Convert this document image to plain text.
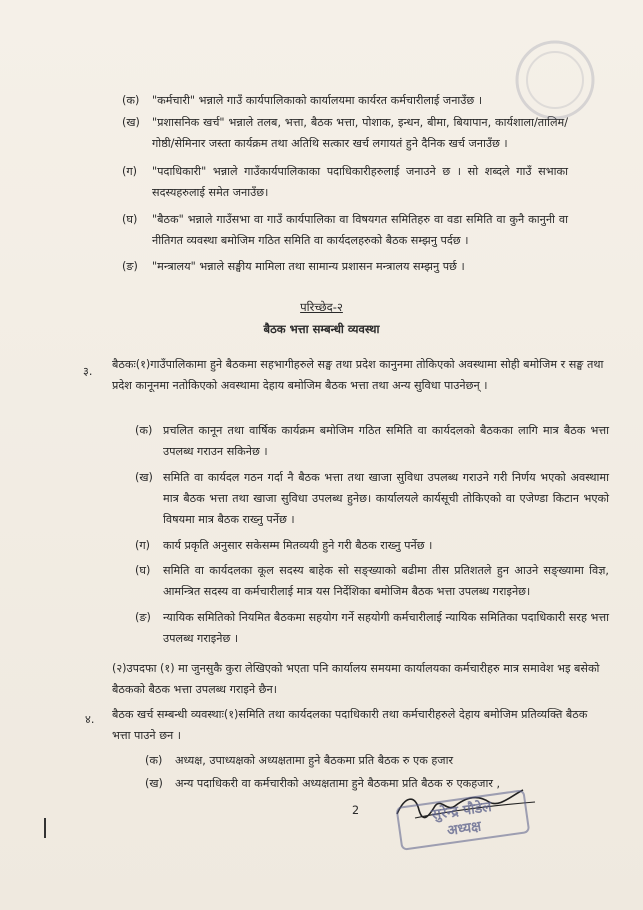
(क)	"कर्मचारी" भन्नाले गाउँ कार्यपालिकाको कार्यालयमा कार्यरत कर्मचारीलाई जनाउँछ ।
(ख)	"प्रशासनिक खर्च" भन्नाले तलब, भत्ता, बैठक भत्ता, पोशाक, इन्धन, बीमा, बियापान, कार्यशाला/तालिम/गोष्ठी/सेमिनार जस्ता कार्यक्रम तथा अतिथि सत्कार खर्च लगायतं हुने दैनिक खर्च जनाउँछ ।
(ग)	"पदाधिकारी" भन्नाले गाउँकार्यपालिकाका पदाधिकारीहरुलाई जनाउने छ । सो शब्दले गाउँ सभाका सदस्यहरुलाई समेत जनाउँछ।
(घ)	"बैठक" भन्नाले गाउँसभा वा गाउँ कार्यपालिका वा विषयगत समितिहरु वा वडा समिति वा कुनै कानुनी वा नीतिगत व्यवस्था बमोजिम गठित समिति वा कार्यदलहरुको बैठक सम्झनु पर्दछ ।
(ङ)	"मन्त्रालय" भन्नाले सङ्घीय मामिला तथा सामान्य प्रशासन मन्त्रालय सम्झनु पर्छ ।
परिच्छेद-२
बैठक भत्ता सम्बन्धी व्यवस्था
३.
बैठकः(१)गाउँपालिकामा हुने बैठकमा सहभागीहरुले सङ्घ तथा प्रदेश कानुनमा तोकिएको अवस्थामा सोही बमोजिम र सङ्घ तथा प्रदेश कानूनमा नतोकिएको अवस्थामा देहाय बमोजिम बैठक भत्ता तथा अन्य सुविधा पाउनेछन् ।
(क) प्रचलित कानून तथा वार्षिक कार्यक्रम बमोजिम गठित समिति वा कार्यदलको बैठकका लागि मात्र बैठक भत्ता उपलब्ध गराउन सकिनेछ ।
(ख) समिति वा कार्यदल गठन गर्दा नै बैठक भत्ता तथा खाजा सुविधा उपलब्ध गराउने गरी निर्णय भएको अवस्थामा मात्र बैठक भत्ता तथा खाजा सुविधा उपलब्ध हुनेछ। कार्यालयले कार्यसूची तोकिएको वा एजेण्डा किटान भएको विषयमा मात्र बैठक राख्नु पर्नेछ ।
(ग)	कार्य प्रकृति अनुसार सकेसम्म मितव्ययी हुने गरी बैठक राख्नु पर्नेछ ।
(घ)	समिति वा कार्यदलका कूल सदस्य बाहेक सो सङ्ख्याको बढीमा तीस प्रतिशतले हुन आउने सङ्ख्यामा विज्ञ, आमन्त्रित सदस्य वा कर्मचारीलाई मात्र यस निर्देशिका बमोजिम बैठक भत्ता उपलब्ध गराइनेछ।
(ङ)	न्यायिक समितिको नियमित बैठकमा सहयोग गर्ने सहयोगी कर्मचारीलाई न्यायिक समितिका पदाधिकारी सरह भत्ता उपलब्ध गराइनेछ ।
(२)उपदफा (१) मा जुनसुकै कुरा लेखिएको भएता पनि कार्यालय समयमा कार्यालयका कर्मचारीहरु मात्र समावेश भइ बसेको बैठकको बैठक भत्ता उपलब्ध गराइने छैन।
४. बैठक खर्च सम्बन्धी व्यवस्थाः(१)समिति तथा कार्यदलका पदाधिकारी तथा कर्मचारीहरुले देहाय बमोजिम प्रतिव्यक्ति बैठक भत्ता पाउने छन ।
(क)	अध्यक्ष, उपाध्यक्षको अध्यक्षतामा हुने बैठकमा प्रति बैठक रु एक हजार
(ख)	अन्य पदाधिकरी वा कर्मचारीको अध्यक्षतामा हुने बैठकमा प्रति बैठक रु एकहजार ,
2	सुरेन्द्र पौडेल
अध्यक्ष
